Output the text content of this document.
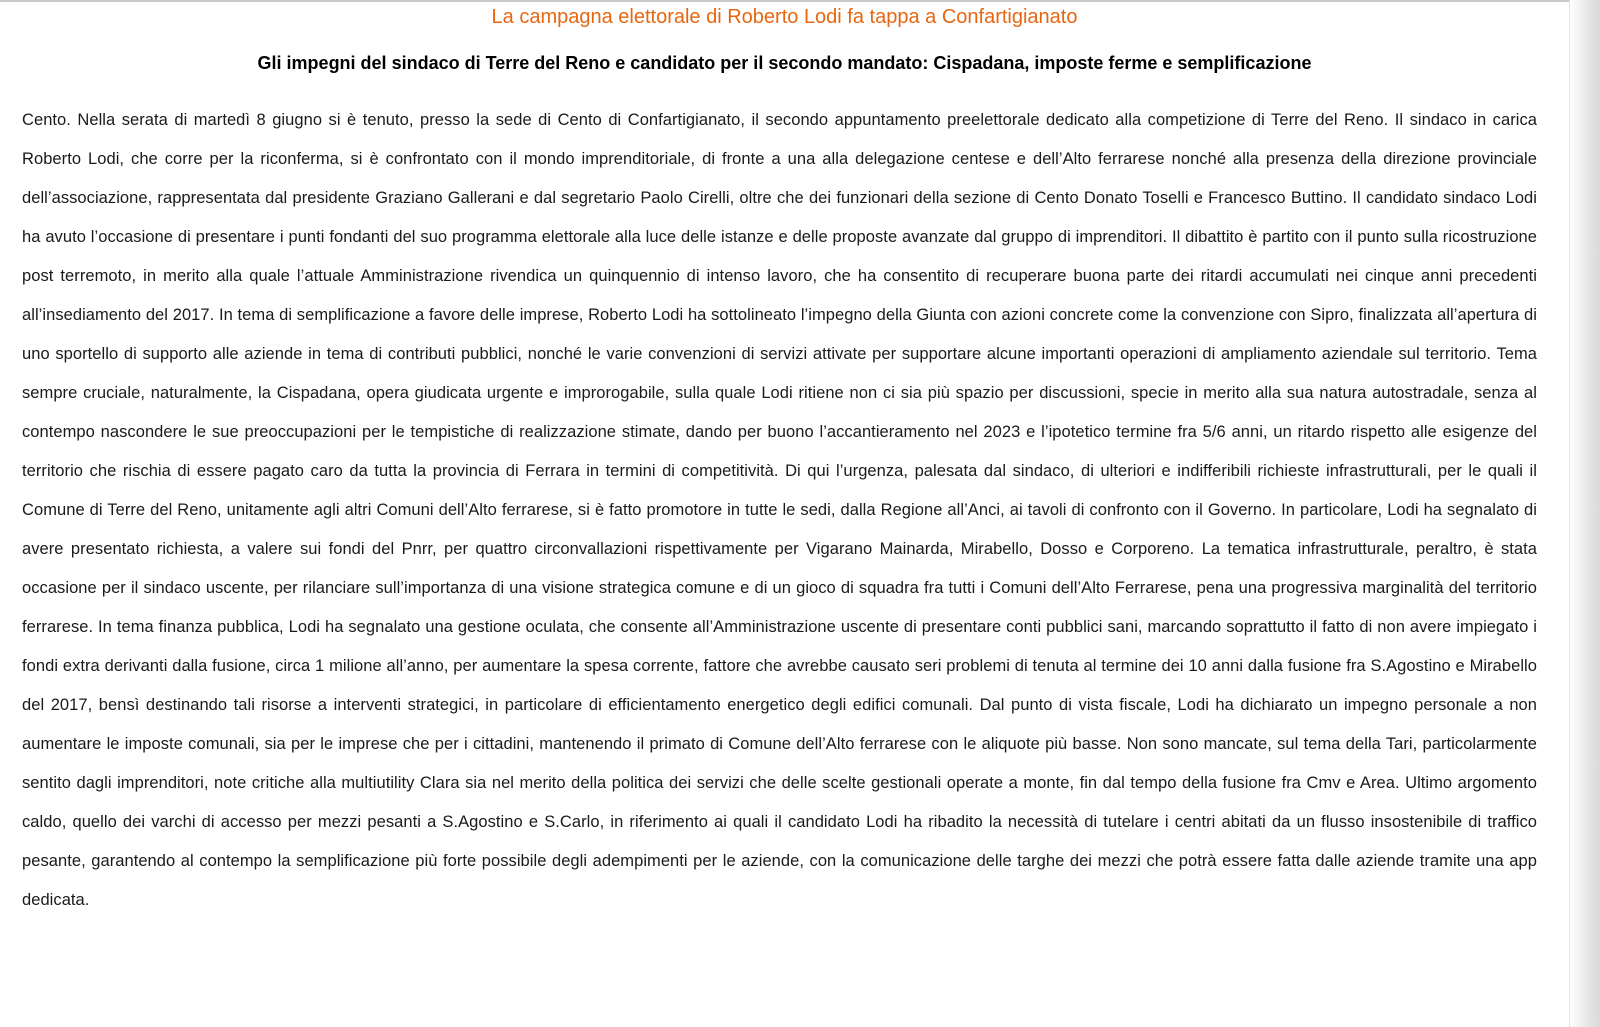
La campagna elettorale di Roberto Lodi fa tappa a Confartigianato
Gli impegni del sindaco di Terre del Reno e candidato per il secondo mandato: Cispadana, imposte ferme e semplificazione

Cento. Nella serata di martedì 8 giugno si è tenuto, presso la sede di Cento di Confartigianato, il secondo appuntamento preelettorale dedicato alla competizione di Terre del Reno. Il sindaco in carica Roberto Lodi, che corre per la riconferma, si è confrontato con il mondo imprenditoriale, di fronte a una alla delegazione centese e dell’Alto ferrarese nonché alla presenza della direzione provinciale dell’associazione, rappresentata dal presidente Graziano Gallerani e dal segretario Paolo Cirelli, oltre che dei funzionari della sezione di Cento Donato Toselli e Francesco Buttino. Il candidato sindaco Lodi ha avuto l’occasione di presentare i punti fondanti del suo programma elettorale alla luce delle istanze e delle proposte avanzate dal gruppo di imprenditori. Il dibattito è partito con il punto sulla ricostruzione post terremoto, in merito alla quale l’attuale Amministrazione rivendica un quinquennio di intenso lavoro, che ha consentito di recuperare buona parte dei ritardi accumulati nei cinque anni precedenti all’insediamento del 2017. In tema di semplificazione a favore delle imprese, Roberto Lodi ha sottolineato l’impegno della Giunta con azioni concrete come la convenzione con Sipro, finalizzata all’apertura di uno sportello di supporto alle aziende in tema di contributi pubblici, nonché le varie convenzioni di servizi attivate per supportare alcune importanti operazioni di ampliamento aziendale sul territorio. Tema sempre cruciale, naturalmente, la Cispadana, opera giudicata urgente e improrogabile, sulla quale Lodi ritiene non ci sia più spazio per discussioni, specie in merito alla sua natura autostradale, senza al contempo nascondere le sue preoccupazioni per le tempistiche di realizzazione stimate, dando per buono l’accantieramento nel 2023 e l’ipotetico termine fra 5/6 anni, un ritardo rispetto alle esigenze del territorio che rischia di essere pagato caro da tutta la provincia di Ferrara in termini di competitività. Di qui l’urgenza, palesata dal sindaco, di ulteriori e indifferibili richieste infrastrutturali, per le quali il Comune di Terre del Reno, unitamente agli altri Comuni dell’Alto ferrarese, si è fatto promotore in tutte le sedi, dalla Regione all’Anci, ai tavoli di confronto con il Governo. In particolare, Lodi ha segnalato di avere presentato richiesta, a valere sui fondi del Pnrr, per quattro circonvallazioni rispettivamente per Vigarano Mainarda, Mirabello, Dosso e Corporeno. La tematica infrastrutturale, peraltro, è stata occasione per il sindaco uscente, per rilanciare sull’importanza di una visione strategica comune e di un gioco di squadra fra tutti i Comuni dell’Alto Ferrarese, pena una progressiva marginalità del territorio ferrarese. In tema finanza pubblica, Lodi ha segnalato una gestione oculata, che consente all’Amministrazione uscente di presentare conti pubblici sani, marcando soprattutto il fatto di non avere impiegato i fondi extra derivanti dalla fusione, circa 1 milione all’anno, per aumentare la spesa corrente, fattore che avrebbe causato seri problemi di tenuta al termine dei 10 anni dalla fusione fra S.Agostino e Mirabello del 2017, bensì destinando tali risorse a interventi strategici, in particolare di efficientamento energetico degli edifici comunali. Dal punto di vista fiscale, Lodi ha dichiarato un impegno personale a non aumentare le imposte comunali, sia per le imprese che per i cittadini, mantenendo il primato di Comune dell’Alto ferrarese con le aliquote più basse. Non sono mancate, sul tema della Tari, particolarmente sentito dagli imprenditori, note critiche alla multiutility Clara sia nel merito della politica dei servizi che delle scelte gestionali operate a monte, fin dal tempo della fusione fra Cmv e Area. Ultimo argomento caldo, quello dei varchi di accesso per mezzi pesanti a S.Agostino e S.Carlo, in riferimento ai quali il candidato Lodi ha ribadito la necessità di tutelare i centri abitati da un flusso insostenibile di traffico pesante, garantendo al contempo la semplificazione più forte possibile degli adempimenti per le aziende, con la comunicazione delle targhe dei mezzi che potrà essere fatta dalle aziende tramite una app dedicata.
